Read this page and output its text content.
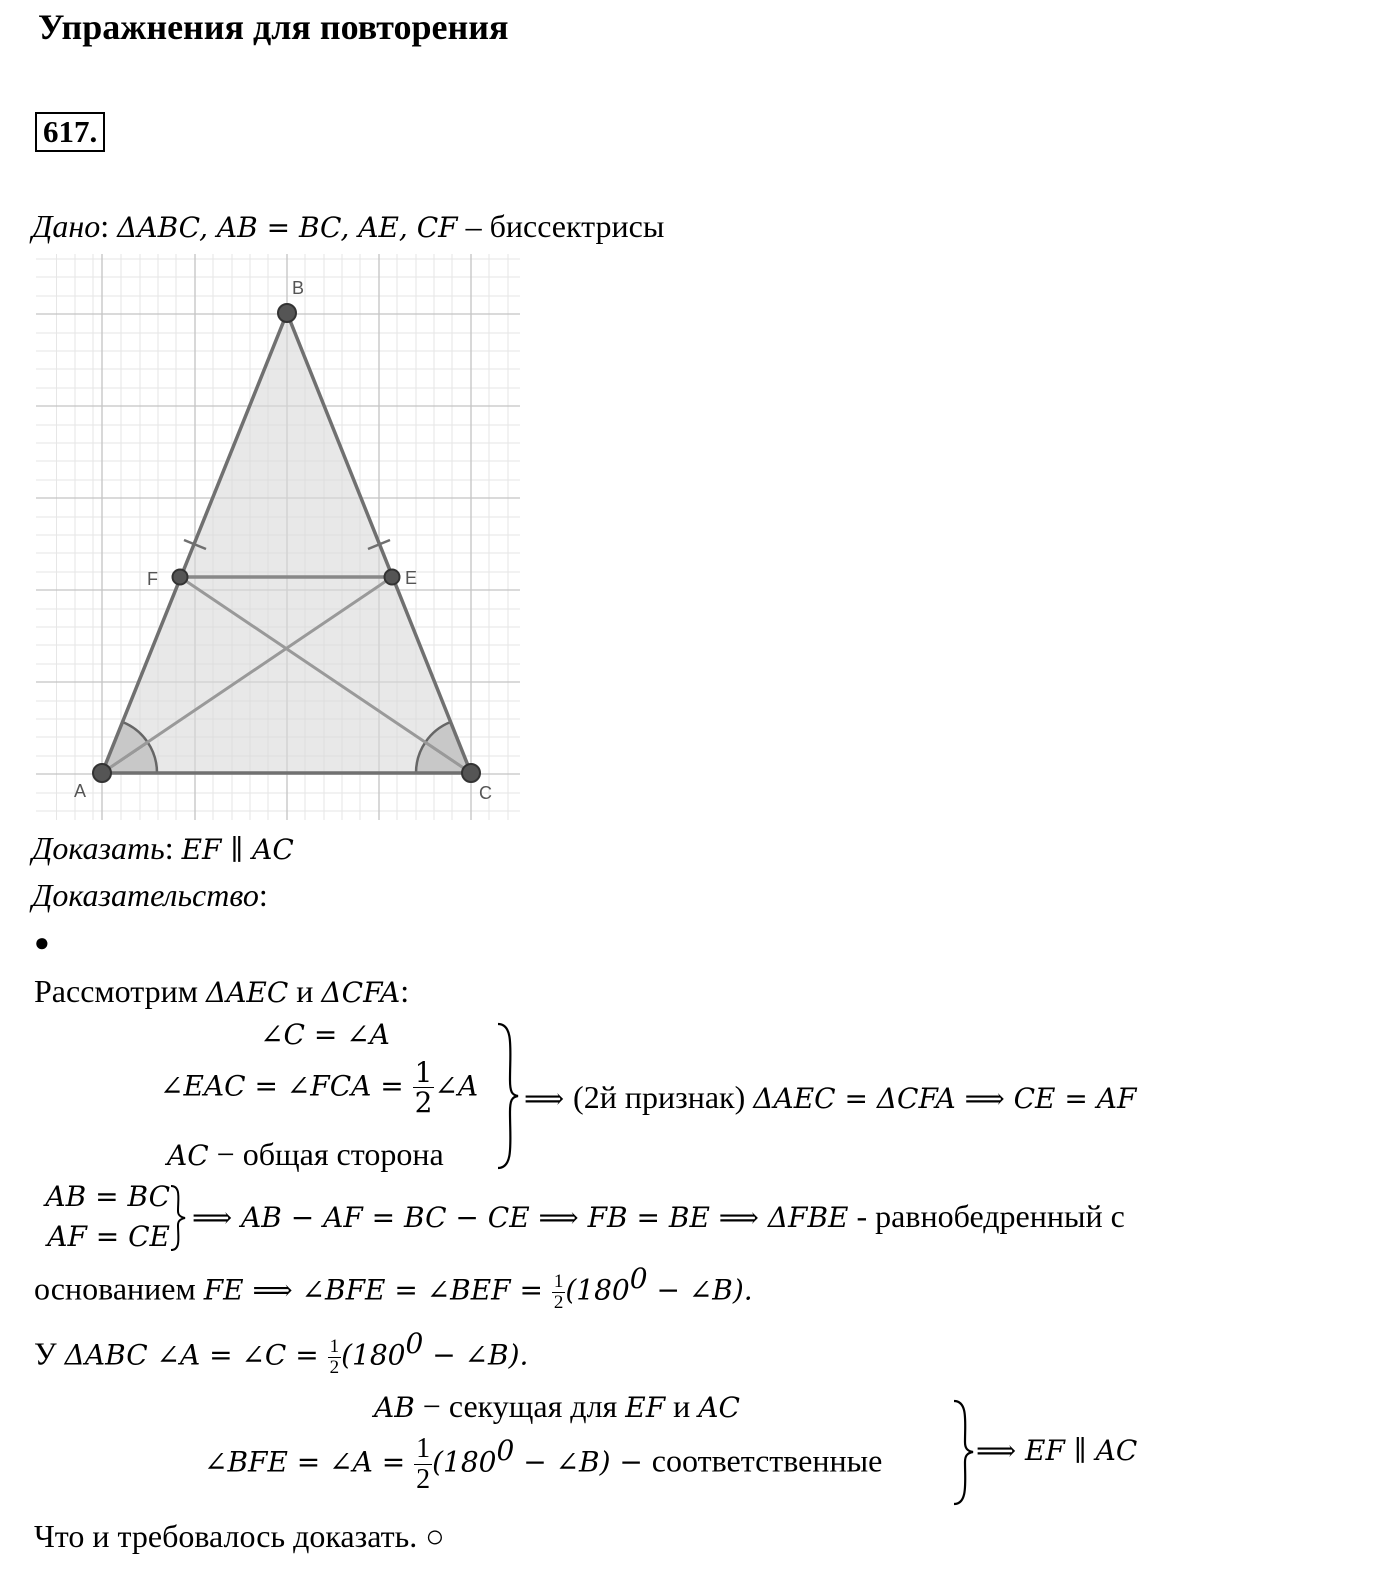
Упражнения для повторения
617.
Дано: ΔABC, AB = BC, AE, CF – биссектрисы
B
A	C
E
F
Доказать: EF ∥ AC
Доказательство:
●
Рассмотрим ΔAEC и ΔCFA:
∠C = ∠A
∠EAC = ∠FCA = $\frac{1}{2}$ ∠A
AC − общая сторона
⟹ (2й признак) ΔAEC = ΔCFA ⟹ CE = AF
AB = BC
AF = CE
⟹ AB − AF = BC − CE ⟹ FB = BE ⟹ ΔFBE - равнобедренный с
основанием FE ⟹ ∠BFE = ∠BEF = $\frac{1}{2} (180^0$ − ∠B).
У ΔABC ∠A = ∠C = $\frac{1}{2} (180^0$ − ∠B).
AB − секущая для EF и AC
∠BFE = ∠A = $\frac{1}{2} (180^0$ − ∠B) − соответственные	⟹ EF ∥ AC
Что и требовалось доказать. ○
